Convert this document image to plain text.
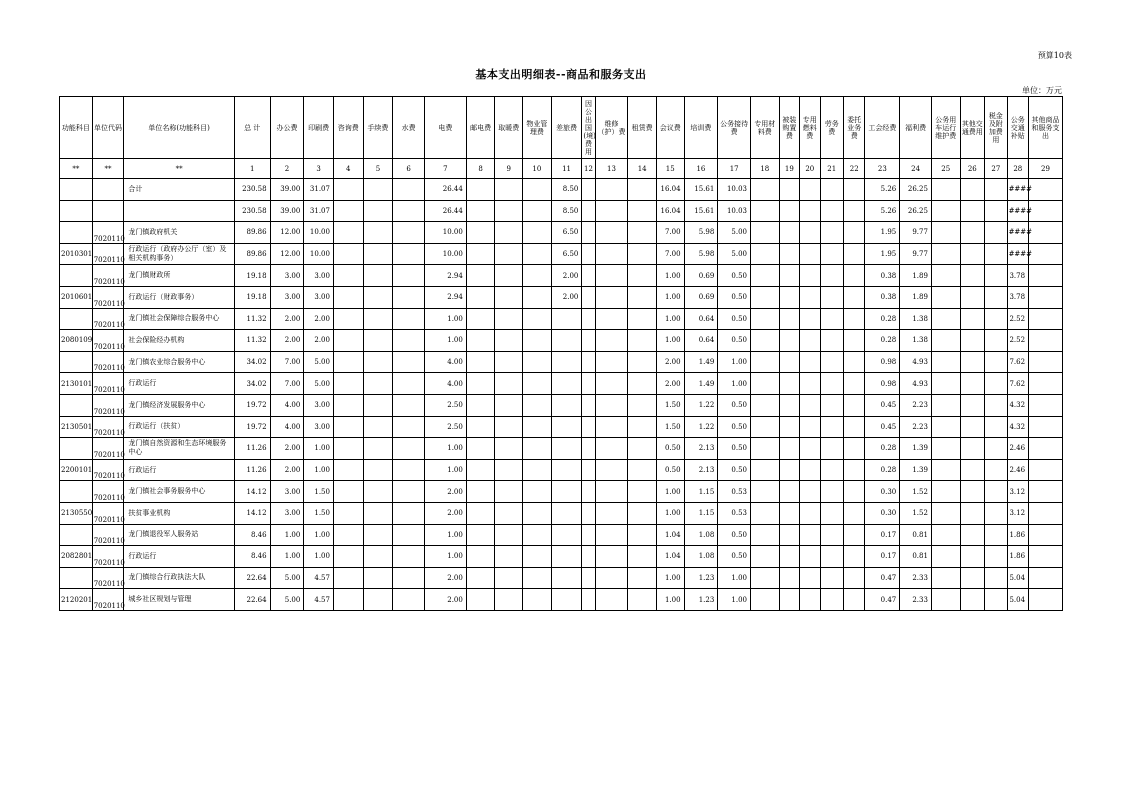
预算10表
基本支出明细表--商品和服务支出
单位：万元
功能科目	单位代码	单位名称(功能科目)	总 计	办公费	印刷费	咨询费	手续费	水费	电费	邮电费	取暖费	物业管理费	差旅费	因公出国(境)费用	维修（护）费	租赁费	会议费	培训费	公务接待费	专用材料费	被装购置费	专用燃料费	劳务费	委托业务费	工会经费	福利费	公务用车运行维护费	其他交通费用	税金及附加费用	公务交通补贴	其他商品和服务支出
**	**	**	1	2	3	4	5	6	7	8	9	10	11	12	13	14	15	16	17	18	19	20	21	22	23	24	25	26	27	28	29
		合计	230.58	39.00	31.07				26.44				8.50				16.04	15.61	10.03						5.26	26.25				####	
			230.58	39.00	31.07				26.44				8.50				16.04	15.61	10.03						5.26	26.25				####	
	7020110	龙门镇政府机关	89.86	12.00	10.00				10.00				6.50				7.00	5.98	5.00						1.95	9.77				####	
2010301	7020110	行政运行（政府办公厅（室）及相关机构事务）	89.86	12.00	10.00				10.00				6.50				7.00	5.98	5.00						1.95	9.77				####	
	7020110	龙门镇财政所	19.18	3.00	3.00				2.94				2.00				1.00	0.69	0.50						0.38	1.89				3.78	
2010601	7020110	行政运行（财政事务）	19.18	3.00	3.00				2.94				2.00				1.00	0.69	0.50						0.38	1.89				3.78	
	7020110	龙门镇社会保障综合服务中心	11.32	2.00	2.00				1.00								1.00	0.64	0.50						0.28	1.38				2.52	
2080109	7020110	社会保险经办机构	11.32	2.00	2.00				1.00								1.00	0.64	0.50						0.28	1.38				2.52	
	7020110	龙门镇农业综合服务中心	34.02	7.00	5.00				4.00								2.00	1.49	1.00						0.98	4.93				7.62	
2130101	7020110	行政运行	34.02	7.00	5.00				4.00								2.00	1.49	1.00						0.98	4.93				7.62	
	7020110	龙门镇经济发展服务中心	19.72	4.00	3.00				2.50								1.50	1.22	0.50						0.45	2.23				4.32	
2130501	7020110	行政运行（扶贫）	19.72	4.00	3.00				2.50								1.50	1.22	0.50						0.45	2.23				4.32	
	7020110	龙门镇自然资源和生态环境服务中心	11.26	2.00	1.00				1.00								0.50	2.13	0.50						0.28	1.39				2.46	
2200101	7020110	行政运行	11.26	2.00	1.00				1.00								0.50	2.13	0.50						0.28	1.39				2.46	
	7020110	龙门镇社会事务服务中心	14.12	3.00	1.50				2.00								1.00	1.15	0.53						0.30	1.52				3.12	
2130550	7020110	扶贫事业机构	14.12	3.00	1.50				2.00								1.00	1.15	0.53						0.30	1.52				3.12	
	7020110	龙门镇退役军人服务站	8.46	1.00	1.00				1.00								1.04	1.08	0.50						0.17	0.81				1.86	
2082801	7020110	行政运行	8.46	1.00	1.00				1.00								1.04	1.08	0.50						0.17	0.81				1.86	
	7020110	龙门镇综合行政执法大队	22.64	5.00	4.57				2.00								1.00	1.23	1.00						0.47	2.33				5.04	
2120201	7020110	城乡社区规划与管理	22.64	5.00	4.57				2.00								1.00	1.23	1.00						0.47	2.33				5.04	
